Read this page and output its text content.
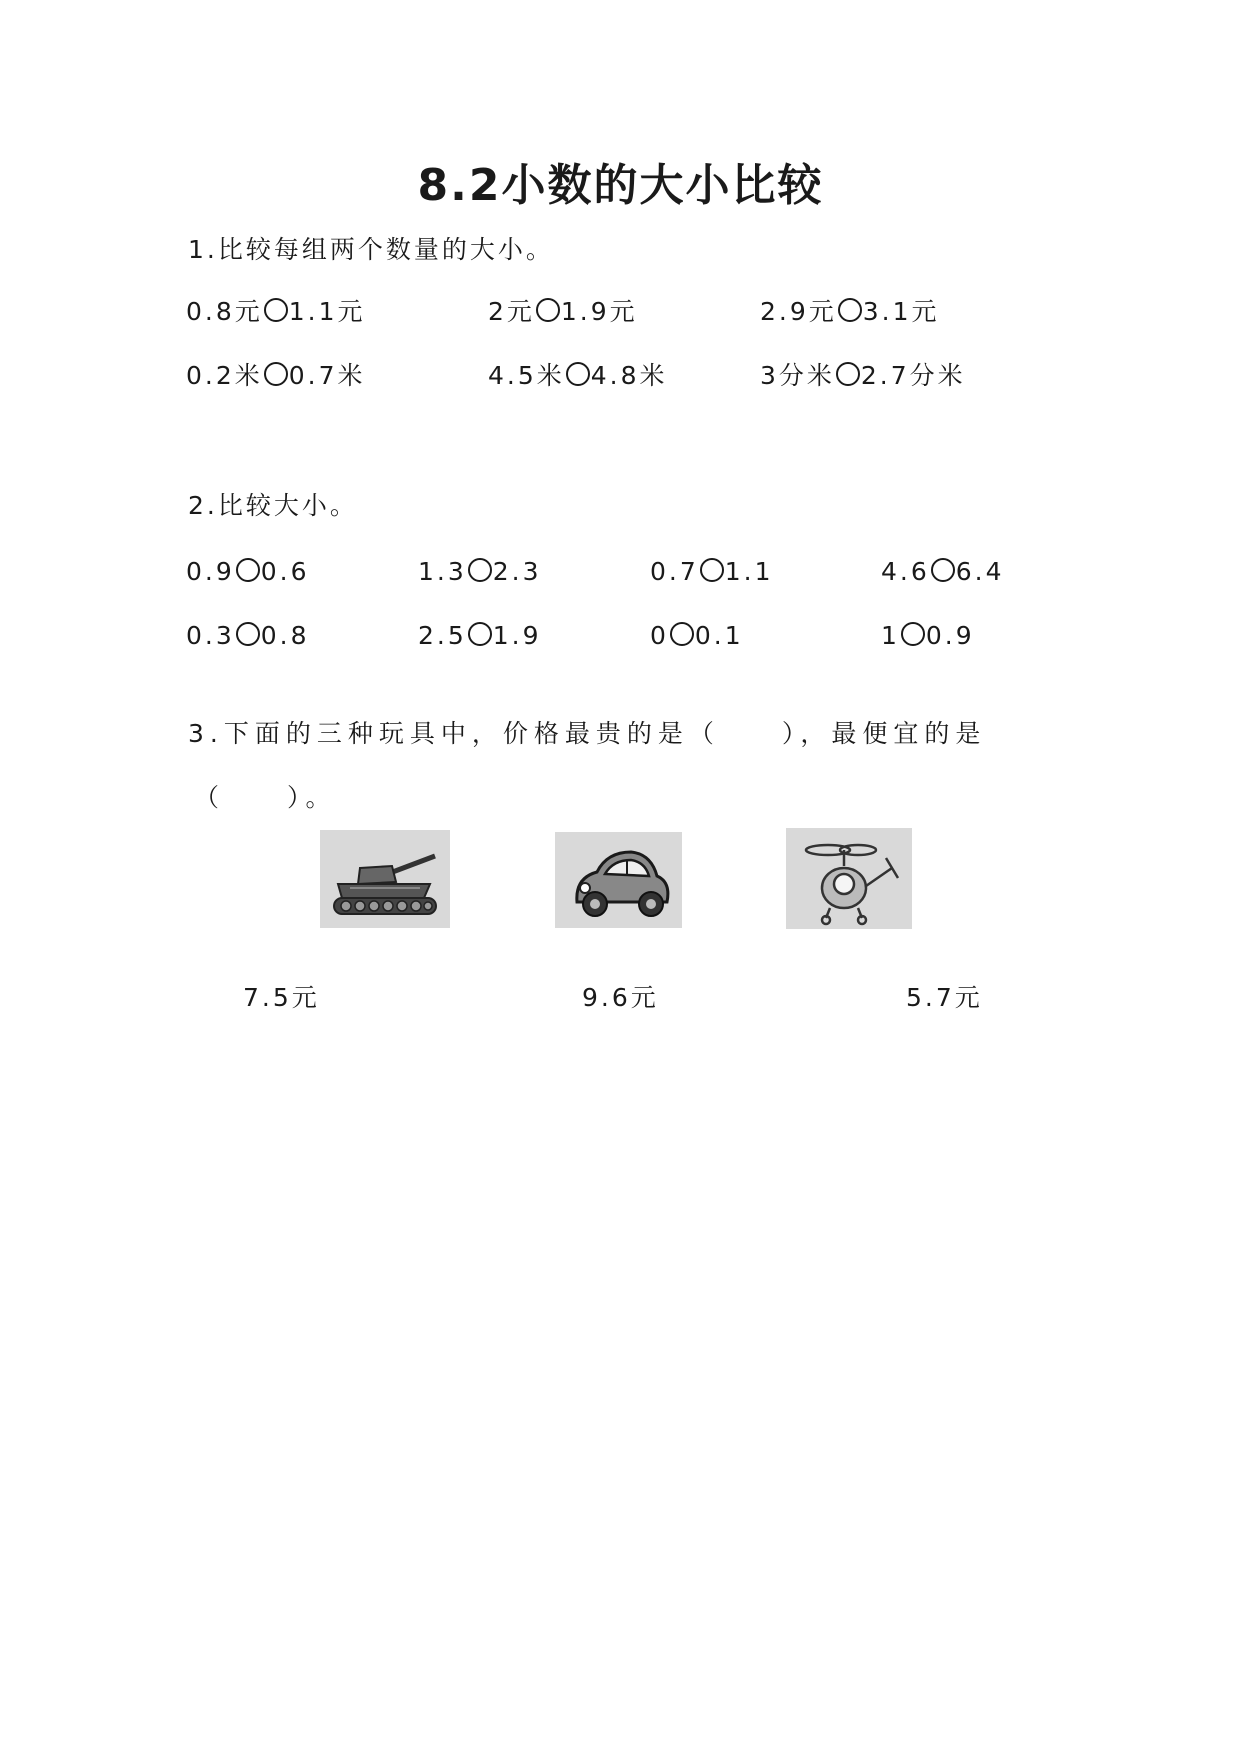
8.2小数的大小比较
1.比较每组两个数量的大小。
0.8元 1.1元	2元 1.9元	2.9元 3.1元
0.2米 0.7米	4.5米 4.8米	3分米 2.7分米
2.比较大小。
0.9 0.6	1.3 2.3	0.7 1.1	4.6 6.4
0.3 0.8	2.5 1.9	0 0.1	1 0.9
3.下面的三种玩具中，价格最贵的是（　　），最便宜的是
（　　）。
7.5元	9.6元	5.7元
